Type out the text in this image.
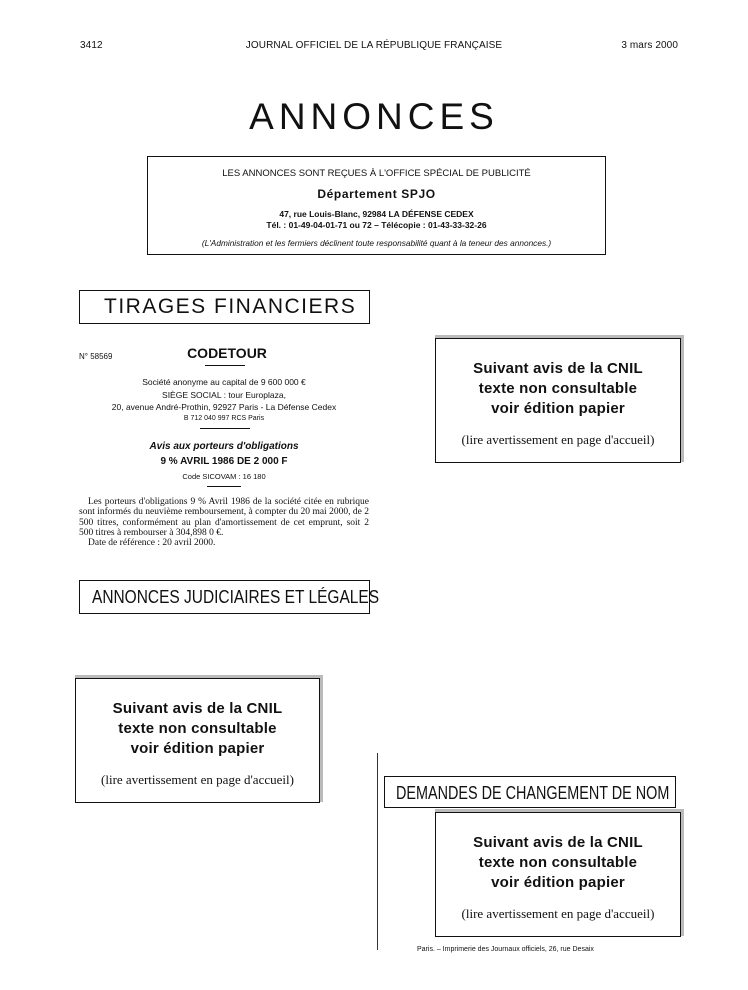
3412	JOURNAL OFFICIEL DE LA RÉPUBLIQUE FRANÇAISE	3 mars 2000
ANNONCES
LES ANNONCES SONT REÇUES À L'OFFICE SPÉCIAL DE PUBLICITÉ
Département SPJO
47, rue Louis-Blanc, 92984 LA DÉFENSE CEDEX
Tél. : 01-49-04-01-71 ou 72 – Télécopie : 01-43-33-32-26
(L'Administration et les fermiers déclinent toute responsabilité quant à la teneur des annonces.)
TIRAGES FINANCIERS
N° 58569	CODETOUR
Société anonyme au capital de 9 600 000 €
SIÈGE SOCIAL : tour Europlaza,
20, avenue André-Prothin, 92927 Paris - La Défense Cedex
B 712 040 997 RCS Paris
Avis aux porteurs d'obligations
9 % AVRIL 1986 DE 2 000 F
Code SICOVAM : 16 180

Les porteurs d'obligations 9 % Avril 1986 de la société citée en rubrique sont informés du neuvième remboursement, à compter du 20 mai 2000, de 2 500 titres, conformément au plan d'amortissement de cet emprunt, soit 2 500 titres à rembourser à 304,898 0 €.

Date de référence : 20 avril 2000.

Suivant avis de la CNIL
texte non consultable
voir édition papier
(lire avertissement en page d'accueil)
ANNONCES JUDICIAIRES ET LÉGALES
Suivant avis de la CNIL
texte non consultable
voir édition papier
(lire avertissement en page d'accueil)
DEMANDES DE CHANGEMENT DE NOM
Suivant avis de la CNIL
texte non consultable
voir édition papier
(lire avertissement en page d'accueil)
Paris. – Imprimerie des Journaux officiels, 26, rue Desaix
